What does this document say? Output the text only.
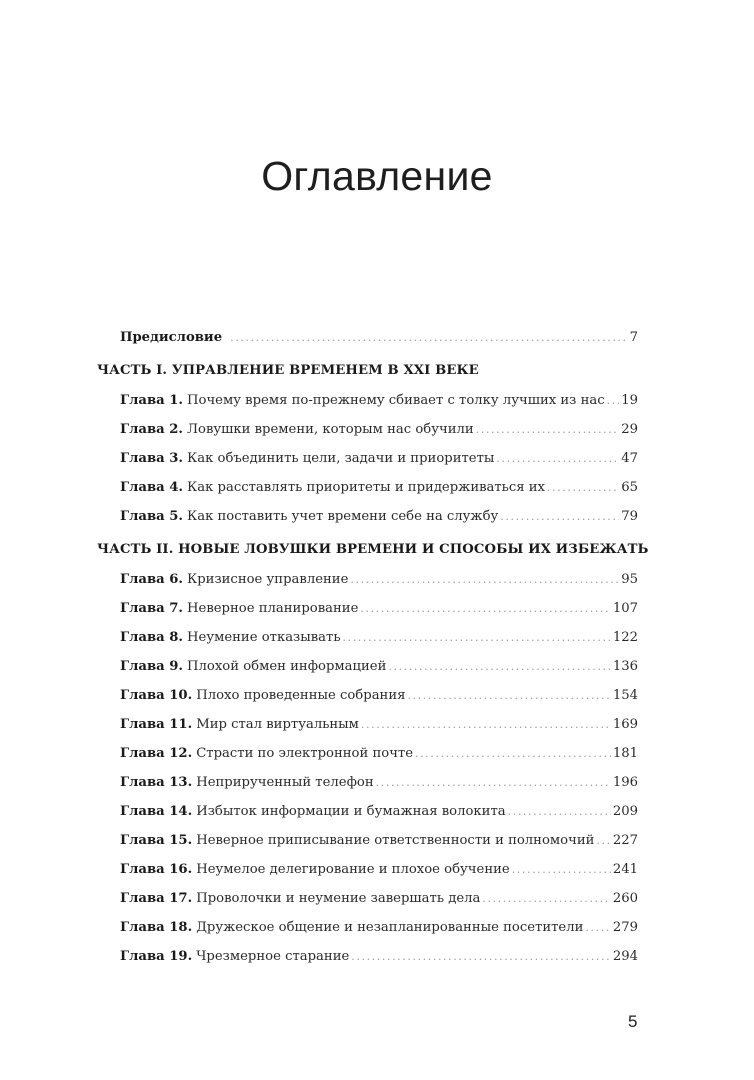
Оглавление
Предисловие .....	7
ЧАСТЬ I. УПРАВЛЕНИЕ ВРЕМЕНЕМ В XXI ВЕКЕ
Глава 1. Почему время по-прежнему сбивает с толку лучших из нас ..... 19
Глава 2. Ловушки времени, которым нас обучили .....	29
Глава 3. Как объединить цели, задачи и приоритеты .....	47
Глава 4. Как расставлять приоритеты и придерживаться их .....	65
Глава 5. Как поставить учет времени себе на службу .....	79
ЧАСТЬ II. НОВЫЕ ЛОВУШКИ ВРЕМЕНИ И СПОСОБЫ ИХ ИЗБЕЖАТЬ
Глава 6. Кризисное управление .....	95
Глава 7. Неверное планирование .....	107
Глава 8. Неумение отказывать .....	122
Глава 9. Плохой обмен информацией .....	136
Глава 10. Плохо проведенные собрания .....	154
Глава 11. Мир стал виртуальным .....	169
Глава 12. Страсти по электронной почте .....	181
Глава 13. Неприрученный телефон .....	196
Глава 14. Избыток информации и бумажная волокита .....	209
Глава 15. Неверное приписывание ответственности и полномочий ..... 227
Глава 16. Неумелое делегирование и плохое обучение .....	241
Глава 17. Проволочки и неумение завершать дела .....	260
Глава 18. Дружеское общение и незапланированные посетители ..... 279
Глава 19. Чрезмерное старание .....	294
5
